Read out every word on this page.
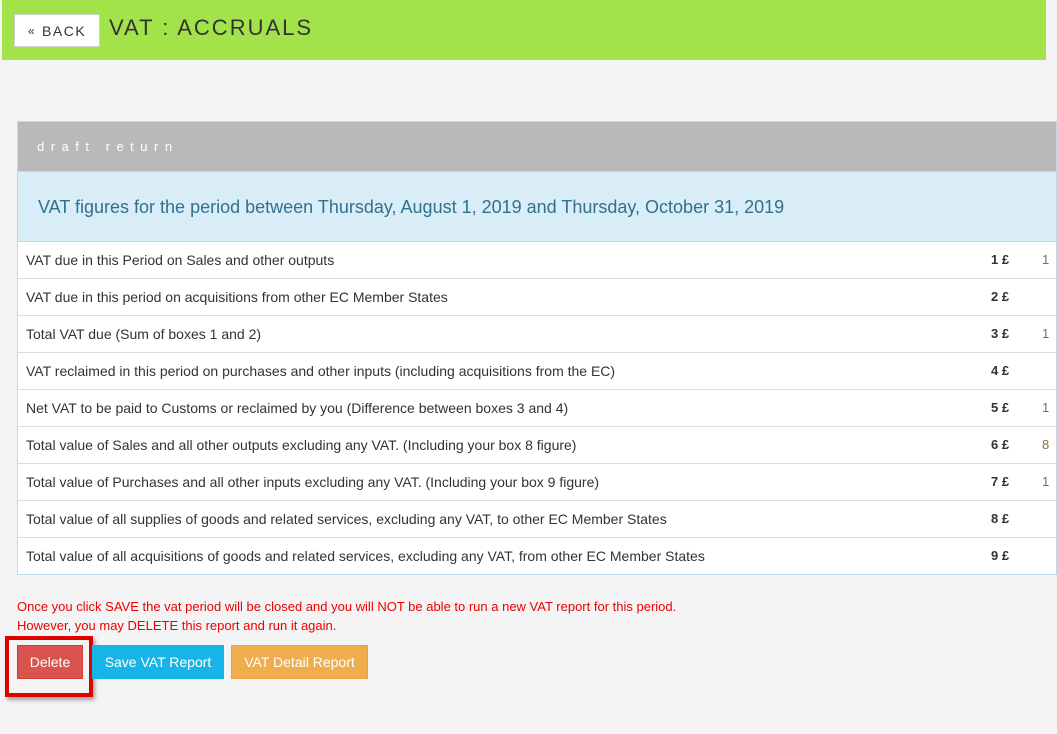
« BACK VAT : ACCRUALS
draft return
VAT figures for the period between Thursday, August 1, 2019 and Thursday, October 31, 2019
VAT due in this Period on Sales and other outputs	1 £	1
VAT due in this period on acquisitions from other EC Member States	2 £
Total VAT due (Sum of boxes 1 and 2)	3 £	1
VAT reclaimed in this period on purchases and other inputs (including acquisitions from the EC)	4 £
Net VAT to be paid to Customs or reclaimed by you (Difference between boxes 3 and 4)	5 £	1
Total value of Sales and all other outputs excluding any VAT. (Including your box 8 figure)	6 £	8
Total value of Purchases and all other inputs excluding any VAT. (Including your box 9 figure)	7 £	1
Total value of all supplies of goods and related services, excluding any VAT, to other EC Member States	8 £
Total value of all acquisitions of goods and related services, excluding any VAT, from other EC Member States	9 £
Once you click SAVE the vat period will be closed and you will NOT be able to run a new VAT report for this period.
However, you may DELETE this report and run it again.
Delete	Save VAT Report	VAT Detail Report
